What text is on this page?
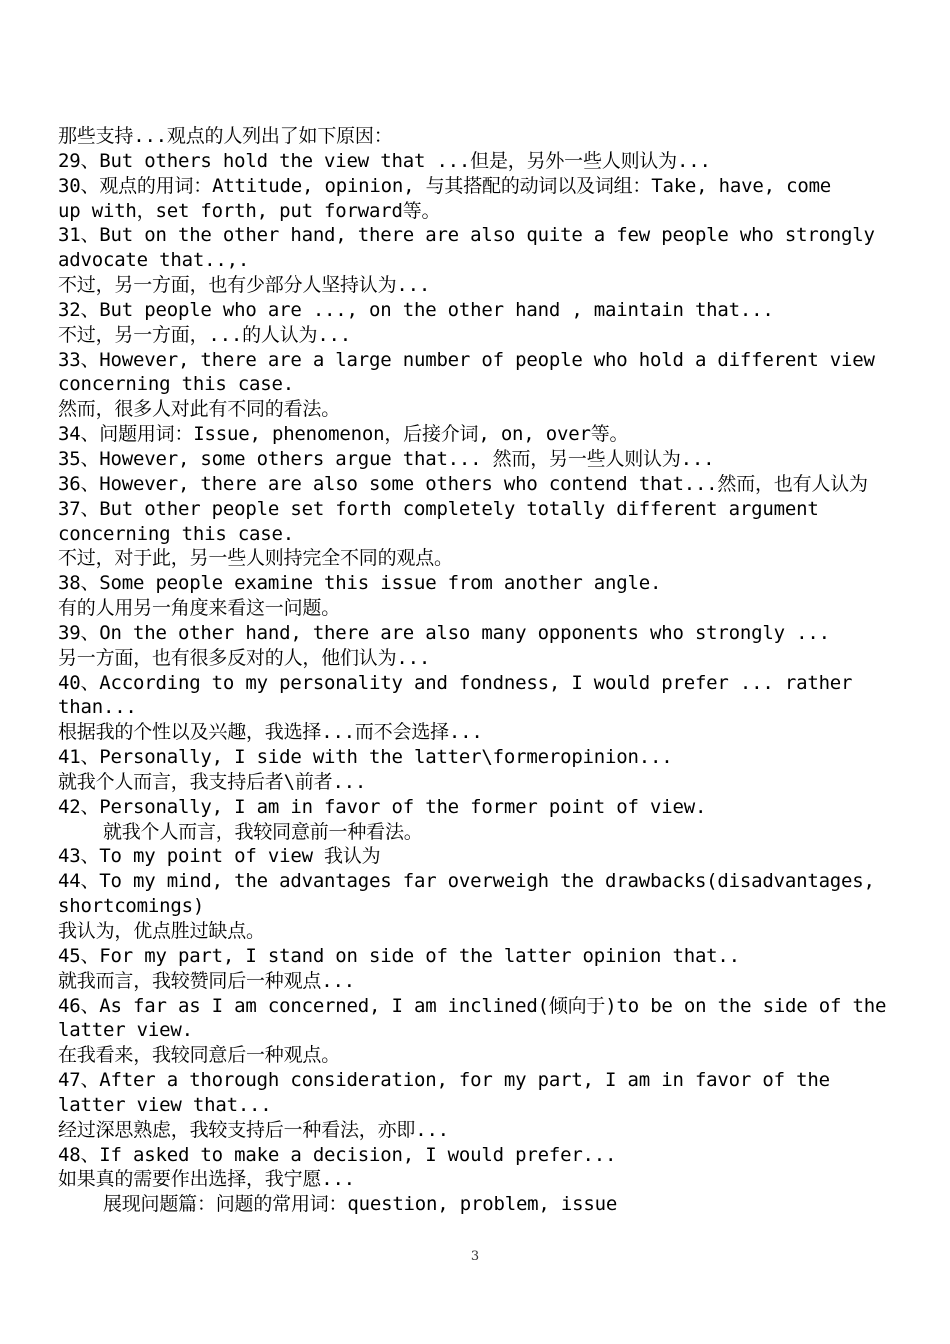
那些支持...观点的人列出了如下原因：
29、But others hold the view that ...但是，另外一些人则认为...
30、观点的用词：Attitude, opinion, 与其搭配的动词以及词组：Take, have, come
up with，set forth, put forward等。
31、But on the other hand, there are also quite a few people who strongly
advocate that..,.
不过，另一方面，也有少部分人坚持认为...
32、But people who are ..., on the other hand , maintain that...
不过，另一方面，...的人认为...
33、However, there are a large number of people who hold a different view
concerning this case.
然而，很多人对此有不同的看法。
34、问题用词：Issue, phenomenon，后接介词, on, over等。
35、However, some others argue that... 然而，另一些人则认为...
36、However, there are also some others who contend that...然而，也有人认为
37、But other people set forth completely totally different argument
concerning this case.
不过，对于此，另一些人则持完全不同的观点。
38、Some people examine this issue from another angle.
有的人用另一角度来看这一问题。
39、On the other hand, there are also many opponents who strongly ...
另一方面，也有很多反对的人，他们认为...
40、According to my personality and fondness, I would prefer ... rather
than...
根据我的个性以及兴趣，我选择...而不会选择...
41、Personally, I side with the latter\formeropinion...
就我个人而言，我支持后者\前者...
42、Personally, I am in favor of the former point of view.
就我个人而言，我较同意前一种看法。
43、To my point of view 我认为
44、To my mind, the advantages far overweigh the drawbacks(disadvantages,
shortcomings)
我认为，优点胜过缺点。
45、For my part, I stand on side of the latter opinion that..
就我而言，我较赞同后一种观点...
46、As far as I am concerned, I am inclined(倾向于)to be on the side of the
latter view.
在我看来，我较同意后一种观点。
47、After a thorough consideration, for my part, I am in favor of the
latter view that...
经过深思熟虑，我较支持后一种看法，亦即...
48、If asked to make a decision, I would prefer...
如果真的需要作出选择，我宁愿...
展现问题篇：问题的常用词：question, problem, issue
3
